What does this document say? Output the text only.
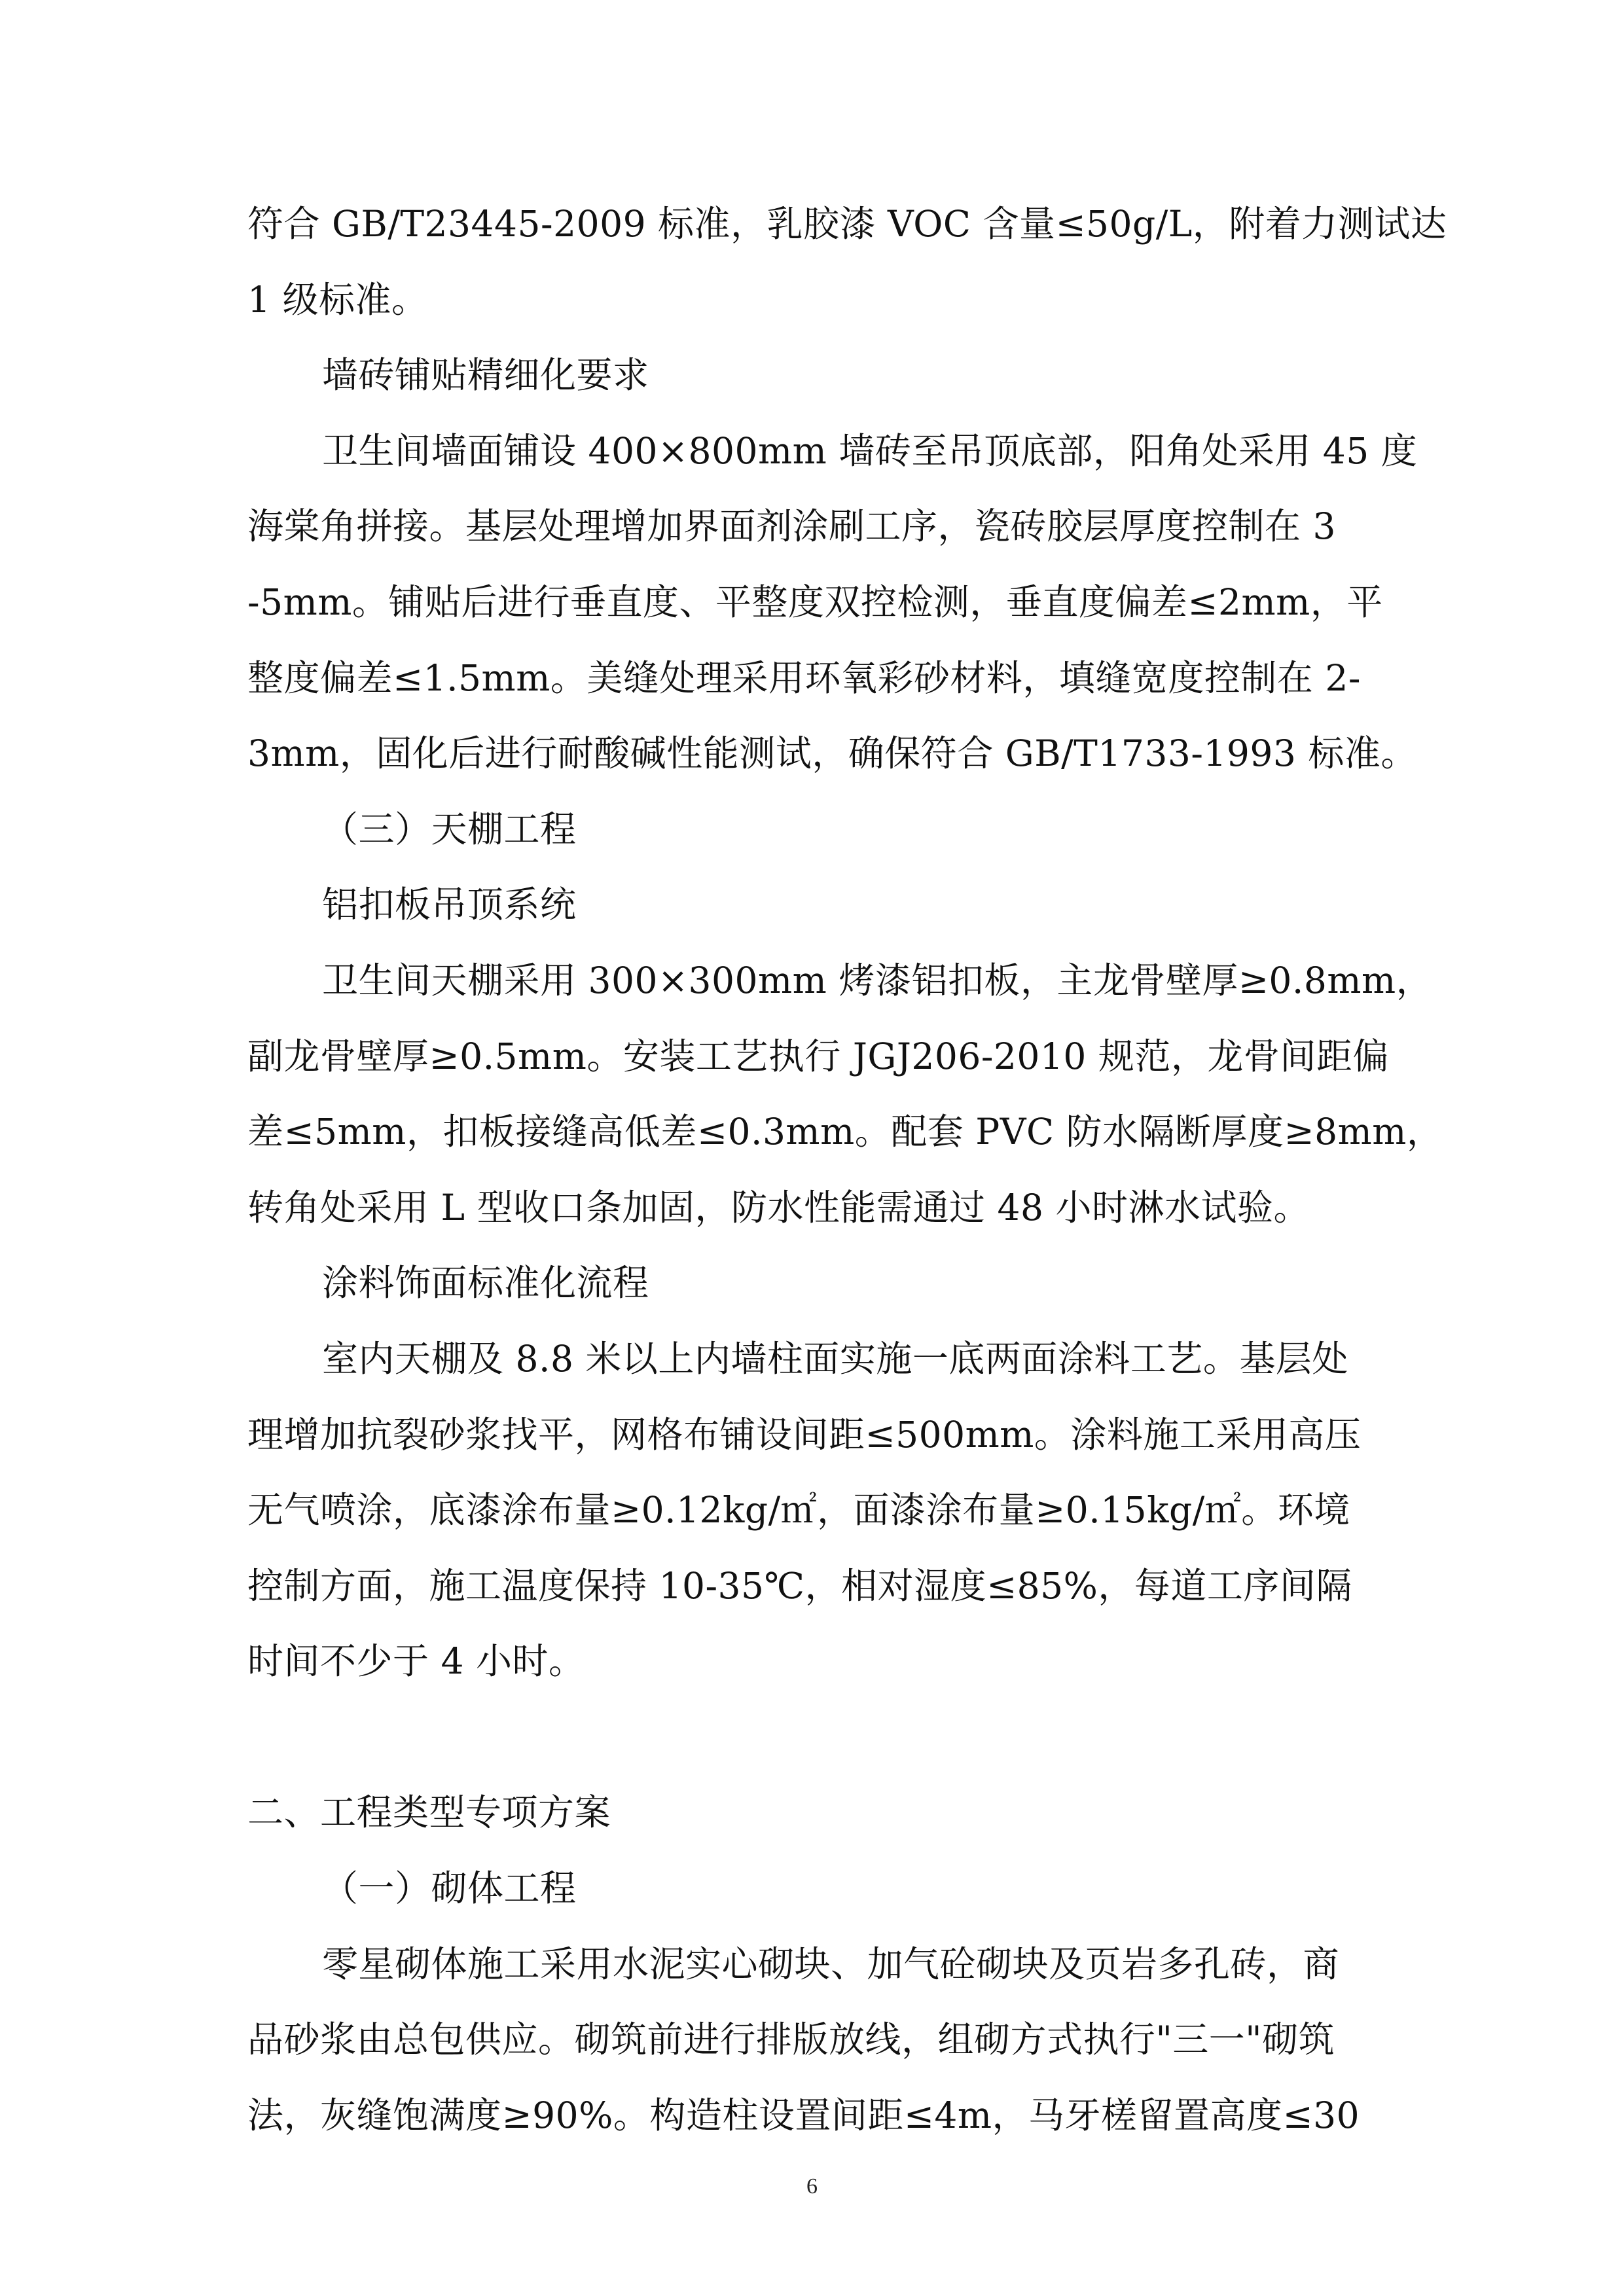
符合 GB/T23445-2009 标准，乳胶漆 VOC 含量≤50g/L，附着力测试达
1 级标准。
墙砖铺贴精细化要求
卫生间墙面铺设 400×800mm 墙砖至吊顶底部，阳角处采用 45 度
海棠角拼接。基层处理增加界面剂涂刷工序，瓷砖胶层厚度控制在 3
-5mm。铺贴后进行垂直度、平整度双控检测，垂直度偏差≤2mm，平
整度偏差≤1.5mm。美缝处理采用环氧彩砂材料，填缝宽度控制在 2-
3mm，固化后进行耐酸碱性能测试，确保符合 GB/T1733-1993 标准。
（三）天棚工程
铝扣板吊顶系统
卫生间天棚采用 300×300mm 烤漆铝扣板，主龙骨壁厚≥0.8mm，
副龙骨壁厚≥0.5mm。安装工艺执行 JGJ206-2010 规范，龙骨间距偏
差≤5mm，扣板接缝高低差≤0.3mm。配套 PVC 防水隔断厚度≥8mm，
转角处采用 L 型收口条加固，防水性能需通过 48 小时淋水试验。
涂料饰面标准化流程
室内天棚及 8.8 米以上内墙柱面实施一底两面涂料工艺。基层处
理增加抗裂砂浆找平，网格布铺设间距≤500mm。涂料施工采用高压
无气喷涂，底漆涂布量≥0.12kg/㎡，面漆涂布量≥0.15kg/㎡。环境
控制方面，施工温度保持 10-35℃，相对湿度≤85%，每道工序间隔
时间不少于 4 小时。
二、工程类型专项方案
（一）砌体工程
零星砌体施工采用水泥实心砌块、加气砼砌块及页岩多孔砖，商
品砂浆由总包供应。砌筑前进行排版放线，组砌方式执行"三一"砌筑
法，灰缝饱满度≥90%。构造柱设置间距≤4m，马牙槎留置高度≤30
6
